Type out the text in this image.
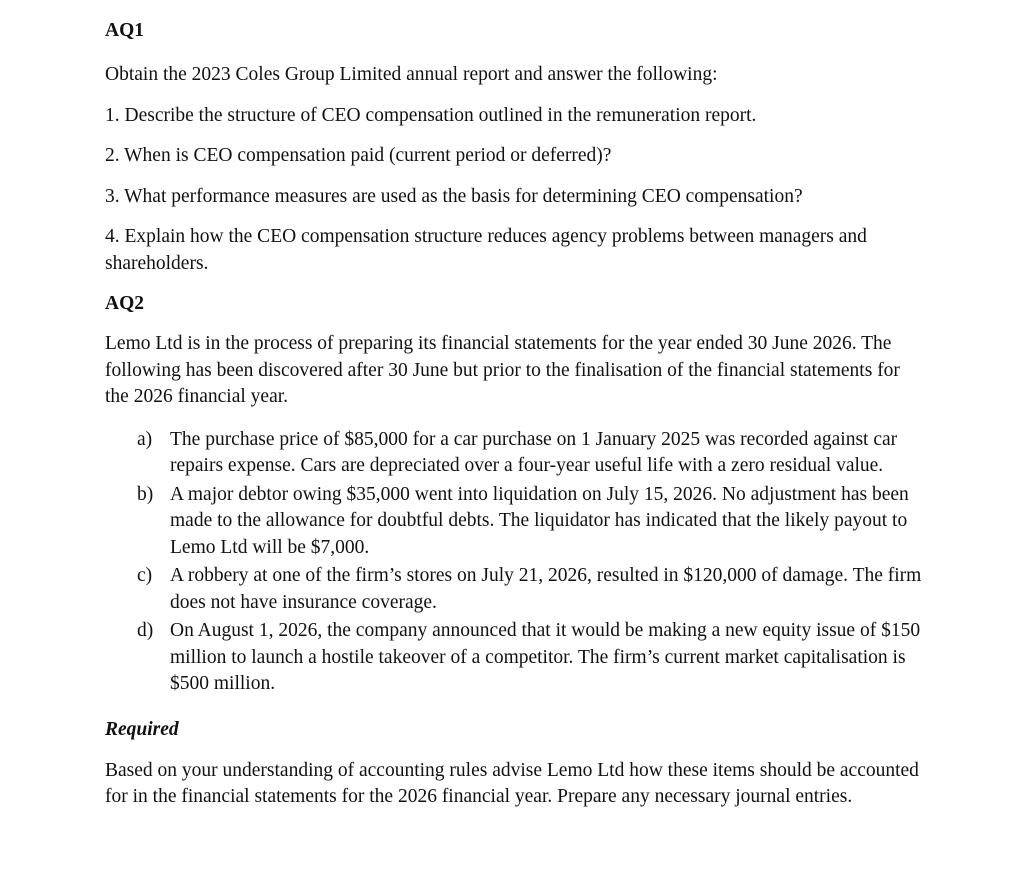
AQ1

Obtain the 2023 Coles Group Limited annual report and answer the following:

1. Describe the structure of CEO compensation outlined in the remuneration report.

2. When is CEO compensation paid (current period or deferred)?

3. What performance measures are used as the basis for determining CEO compensation?

4. Explain how the CEO compensation structure reduces agency problems between managers and shareholders.

AQ2

Lemo Ltd is in the process of preparing its financial statements for the year ended 30 June 2026. The following has been discovered after 30 June but prior to the finalisation of the financial statements for the 2026 financial year.

a) The purchase price of $85,000 for a car purchase on 1 January 2025 was recorded against car repairs expense. Cars are depreciated over a four-year useful life with a zero residual value.
b) A major debtor owing $35,000 went into liquidation on July 15, 2026. No adjustment has been made to the allowance for doubtful debts. The liquidator has indicated that the likely payout to Lemo Ltd will be $7,000.
c) A robbery at one of the firm’s stores on July 21, 2026, resulted in $120,000 of damage. The firm does not have insurance coverage.
d) On August 1, 2026, the company announced that it would be making a new equity issue of $150 million to launch a hostile takeover of a competitor. The firm’s current market capitalisation is $500 million.

Required

Based on your understanding of accounting rules advise Lemo Ltd how these items should be accounted for in the financial statements for the 2026 financial year. Prepare any necessary journal entries.
